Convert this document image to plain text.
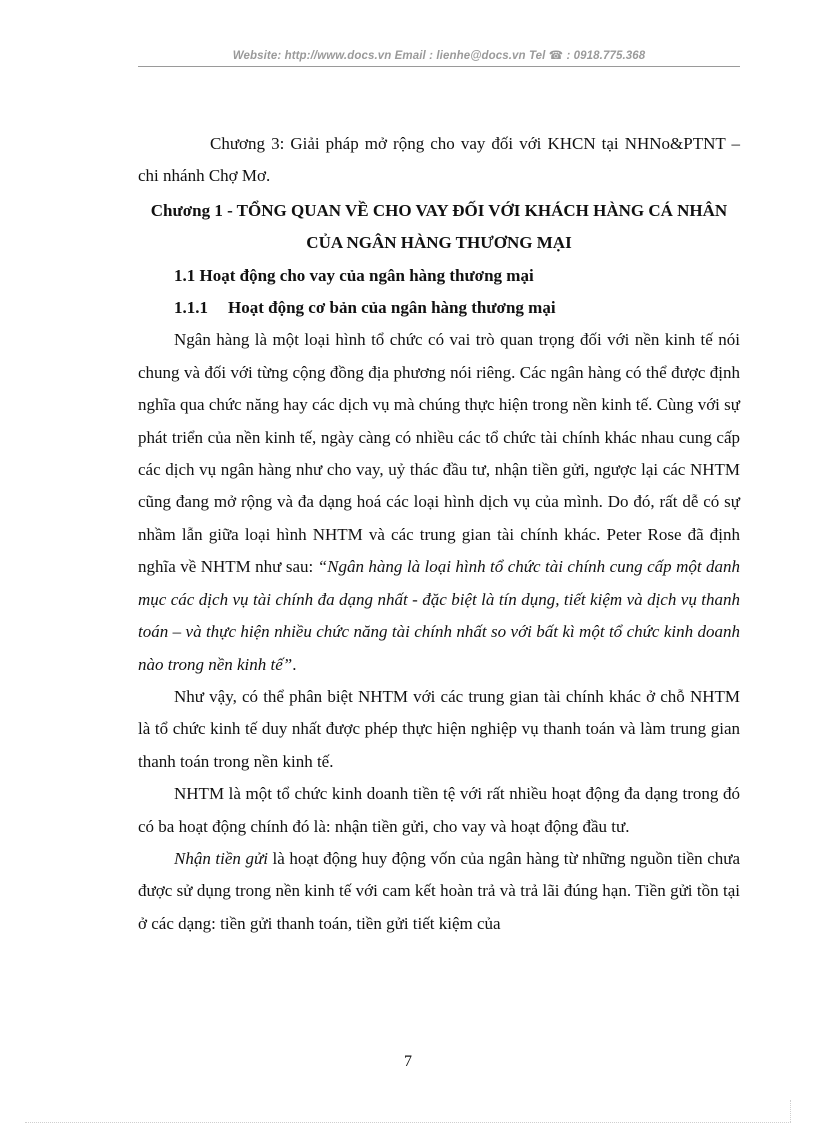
Website: http://www.docs.vn Email : lienhe@docs.vn Tel ☎ : 0918.775.368

Chương 3: Giải pháp mở rộng cho vay đối với KHCN tại NHNo&PTNT – chi nhánh Chợ Mơ.

Chương 1 - TỔNG QUAN VỀ CHO VAY ĐỐI VỚI KHÁCH HÀNG CÁ NHÂN CỦA NGÂN HÀNG THƯƠNG MẠI

1.1 Hoạt động cho vay của ngân hàng thương mại

1.1.1 Hoạt động cơ bản của ngân hàng thương mại

Ngân hàng là một loại hình tổ chức có vai trò quan trọng đối với nền kinh tế nói chung và đối với từng cộng đồng địa phương nói riêng. Các ngân hàng có thể được định nghĩa qua chức năng hay các dịch vụ mà chúng thực hiện trong nền kinh tế. Cùng với sự phát triển của nền kinh tế, ngày càng có nhiều các tổ chức tài chính khác nhau cung cấp các dịch vụ ngân hàng như cho vay, uỷ thác đầu tư, nhận tiền gửi, ngược lại các NHTM cũng đang mở rộng và đa dạng hoá các loại hình dịch vụ của mình. Do đó, rất dễ có sự nhầm lẫn giữa loại hình NHTM và các trung gian tài chính khác. Peter Rose đã định nghĩa về NHTM như sau: “Ngân hàng là loại hình tổ chức tài chính cung cấp một danh mục các dịch vụ tài chính đa dạng nhất - đặc biệt là tín dụng, tiết kiệm và dịch vụ thanh toán – và thực hiện nhiều chức năng tài chính nhất so với bất kì một tổ chức kinh doanh nào trong nền kinh tế”.

Như vậy, có thể phân biệt NHTM với các trung gian tài chính khác ở chỗ NHTM là tổ chức kinh tế duy nhất được phép thực hiện nghiệp vụ thanh toán và làm trung gian thanh toán trong nền kinh tế.

NHTM là một tổ chức kinh doanh tiền tệ với rất nhiều hoạt động đa dạng trong đó có ba hoạt động chính đó là: nhận tiền gửi, cho vay và hoạt động đầu tư.

Nhận tiền gửi là hoạt động huy động vốn của ngân hàng từ những nguồn tiền chưa được sử dụng trong nền kinh tế với cam kết hoàn trả và trả lãi đúng hạn. Tiền gửi tồn tại ở các dạng: tiền gửi thanh toán, tiền gửi tiết kiệm của

7
